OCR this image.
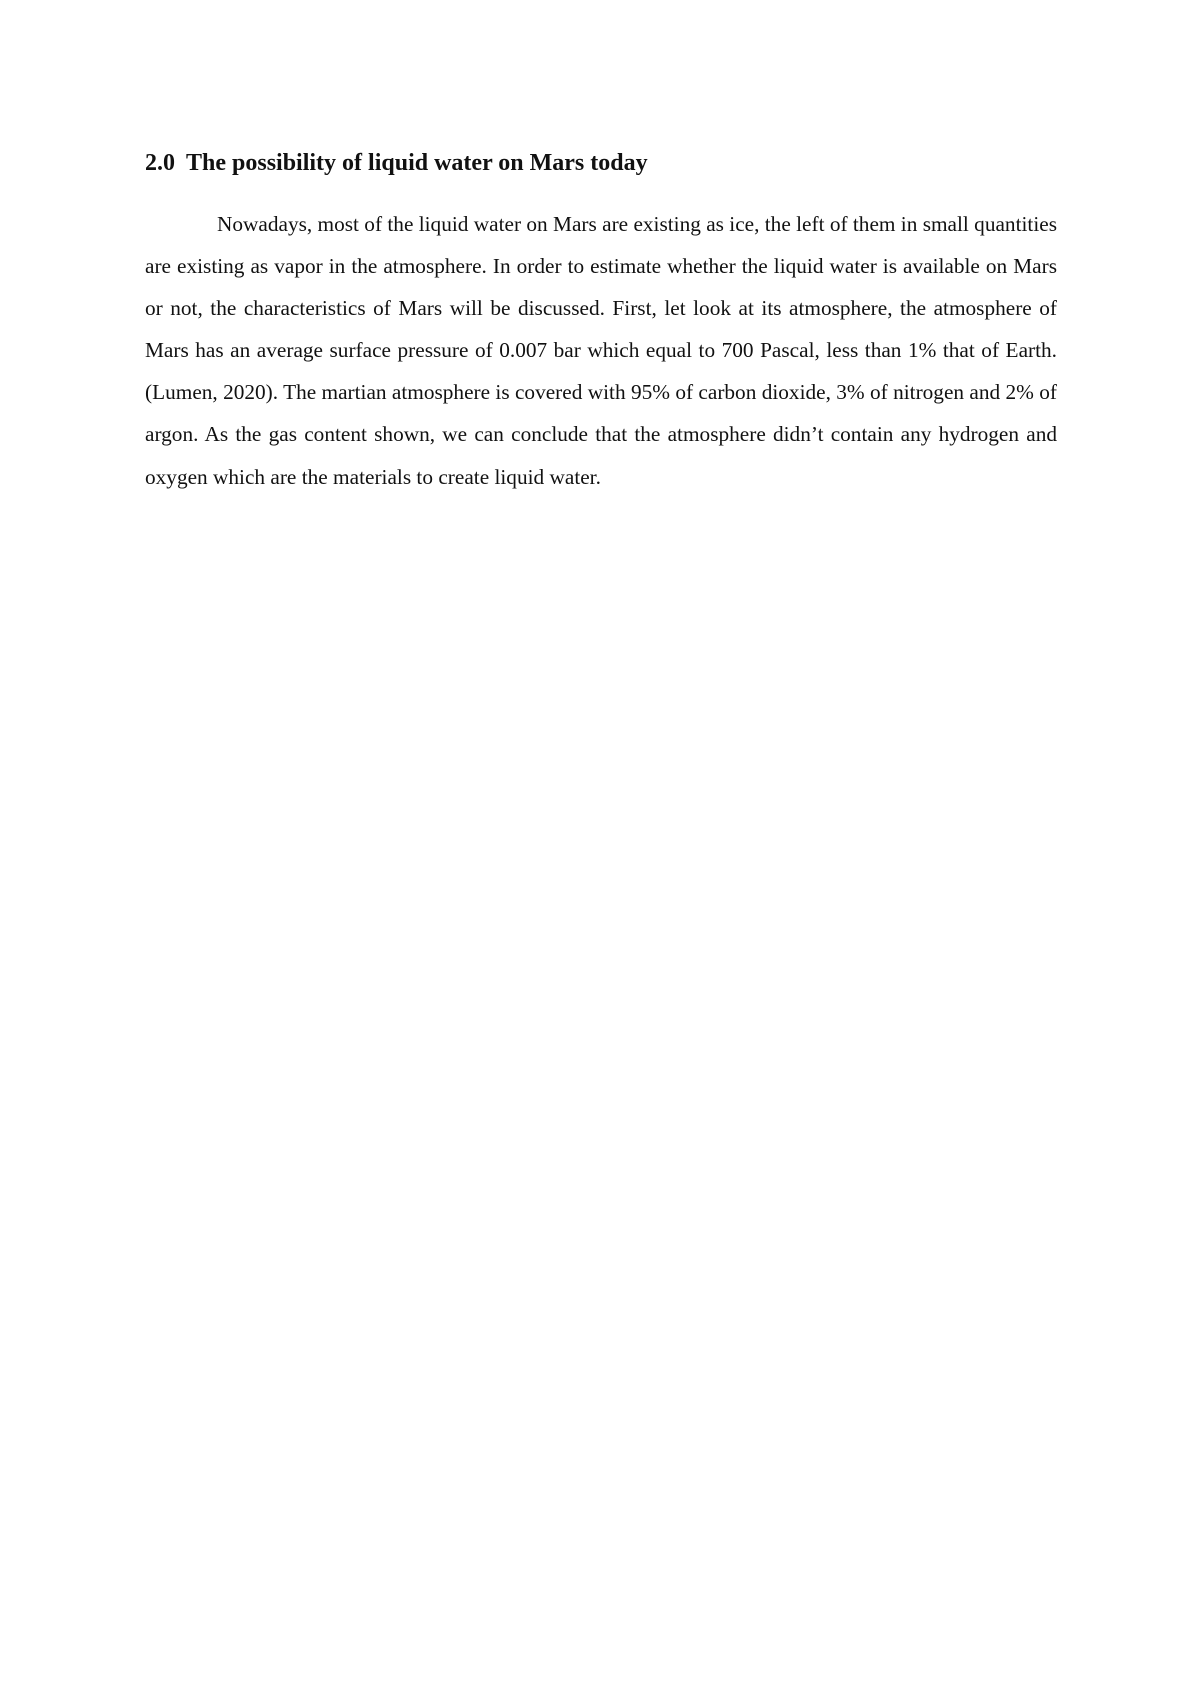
2.0 The possibility of liquid water on Mars today

Nowadays, most of the liquid water on Mars are existing as ice, the left of them in small quantities are existing as vapor in the atmosphere. In order to estimate whether the liquid water is available on Mars or not, the characteristics of Mars will be discussed. First, let look at its atmosphere, the atmosphere of Mars has an average surface pressure of 0.007 bar which equal to 700 Pascal, less than 1% that of Earth. (Lumen, 2020). The martian atmosphere is covered with 95% of carbon dioxide, 3% of nitrogen and 2% of argon. As the gas content shown, we can conclude that the atmosphere didn’t contain any hydrogen and oxygen which are the materials to create liquid water.
